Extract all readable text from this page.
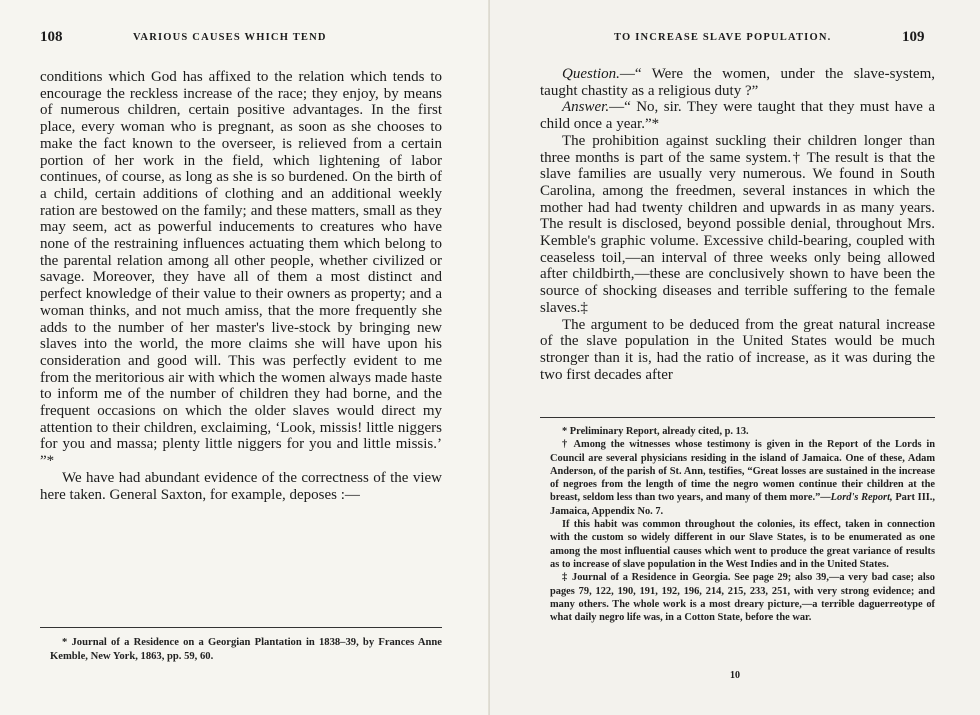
108	VARIOUS CAUSES WHICH TEND

conditions which God has affixed to the relation which tends to encourage the reckless increase of the race; they enjoy, by means of numerous children, certain positive advantages. In the first place, every woman who is pregnant, as soon as she chooses to make the fact known to the overseer, is relieved from a certain portion of her work in the field, which lightening of labor continues, of course, as long as she is so burdened. On the birth of a child, certain additions of clothing and an additional weekly ration are bestowed on the family; and these matters, small as they may seem, act as powerful inducements to creatures who have none of the restraining influences actuating them which belong to the parental relation among all other people, whether civilized or savage. Moreover, they have all of them a most distinct and perfect knowledge of their value to their owners as property; and a woman thinks, and not much amiss, that the more frequently she adds to the number of her master's live-stock by bringing new slaves into the world, the more claims she will have upon his consideration and good will. This was perfectly evident to me from the meritorious air with which the women always made haste to inform me of the number of children they had borne, and the frequent occasions on which the older slaves would direct my attention to their children, exclaiming, ‘Look, missis! little niggers for you and massa; plenty little niggers for you and little missis.’ ”*

We have had abundant evidence of the correctness of the view here taken. General Saxton, for example, deposes :—

* Journal of a Residence on a Georgian Plantation in 1838–39, by Frances Anne Kemble, New York, 1863, pp. 59, 60.

TO INCREASE SLAVE POPULATION.	109

Question.—“ Were the women, under the slave-system, taught chastity as a religious duty ?”

Answer.—“ No, sir. They were taught that they must have a child once a year.”*

The prohibition against suckling their children longer than three months is part of the same system.† The result is that the slave families are usually very numerous. We found in South Carolina, among the freedmen, several instances in which the mother had had twenty children and upwards in as many years. The result is disclosed, beyond possible denial, throughout Mrs. Kemble's graphic volume. Excessive child-bearing, coupled with ceaseless toil,—an interval of three weeks only being allowed after childbirth,—these are conclusively shown to have been the source of shocking diseases and terrible suffering to the female slaves.‡

The argument to be deduced from the great natural increase of the slave population in the United States would be much stronger than it is, had the ratio of increase, as it was during the two first decades after

* Preliminary Report, already cited, p. 13.

† Among the witnesses whose testimony is given in the Report of the Lords in Council are several physicians residing in the island of Jamaica. One of these, Adam Anderson, of the parish of St. Ann, testifies, “Great losses are sustained in the increase of negroes from the length of time the negro women continue their children at the breast, seldom less than two years, and many of them more.”—Lord's Report, Part III., Jamaica, Appendix No. 7.

If this habit was common throughout the colonies, its effect, taken in connection with the custom so widely different in our Slave States, is to be enumerated as one among the most influential causes which went to produce the great variance of results as to increase of slave population in the West Indies and in the United States.

‡ Journal of a Residence in Georgia. See page 29; also 39,—a very bad case; also pages 79, 122, 190, 191, 192, 196, 214, 215, 233, 251, with very strong evidence; and many others. The whole work is a most dreary picture,—a terrible daguerreotype of what daily negro life was, in a Cotton State, before the war.

10
